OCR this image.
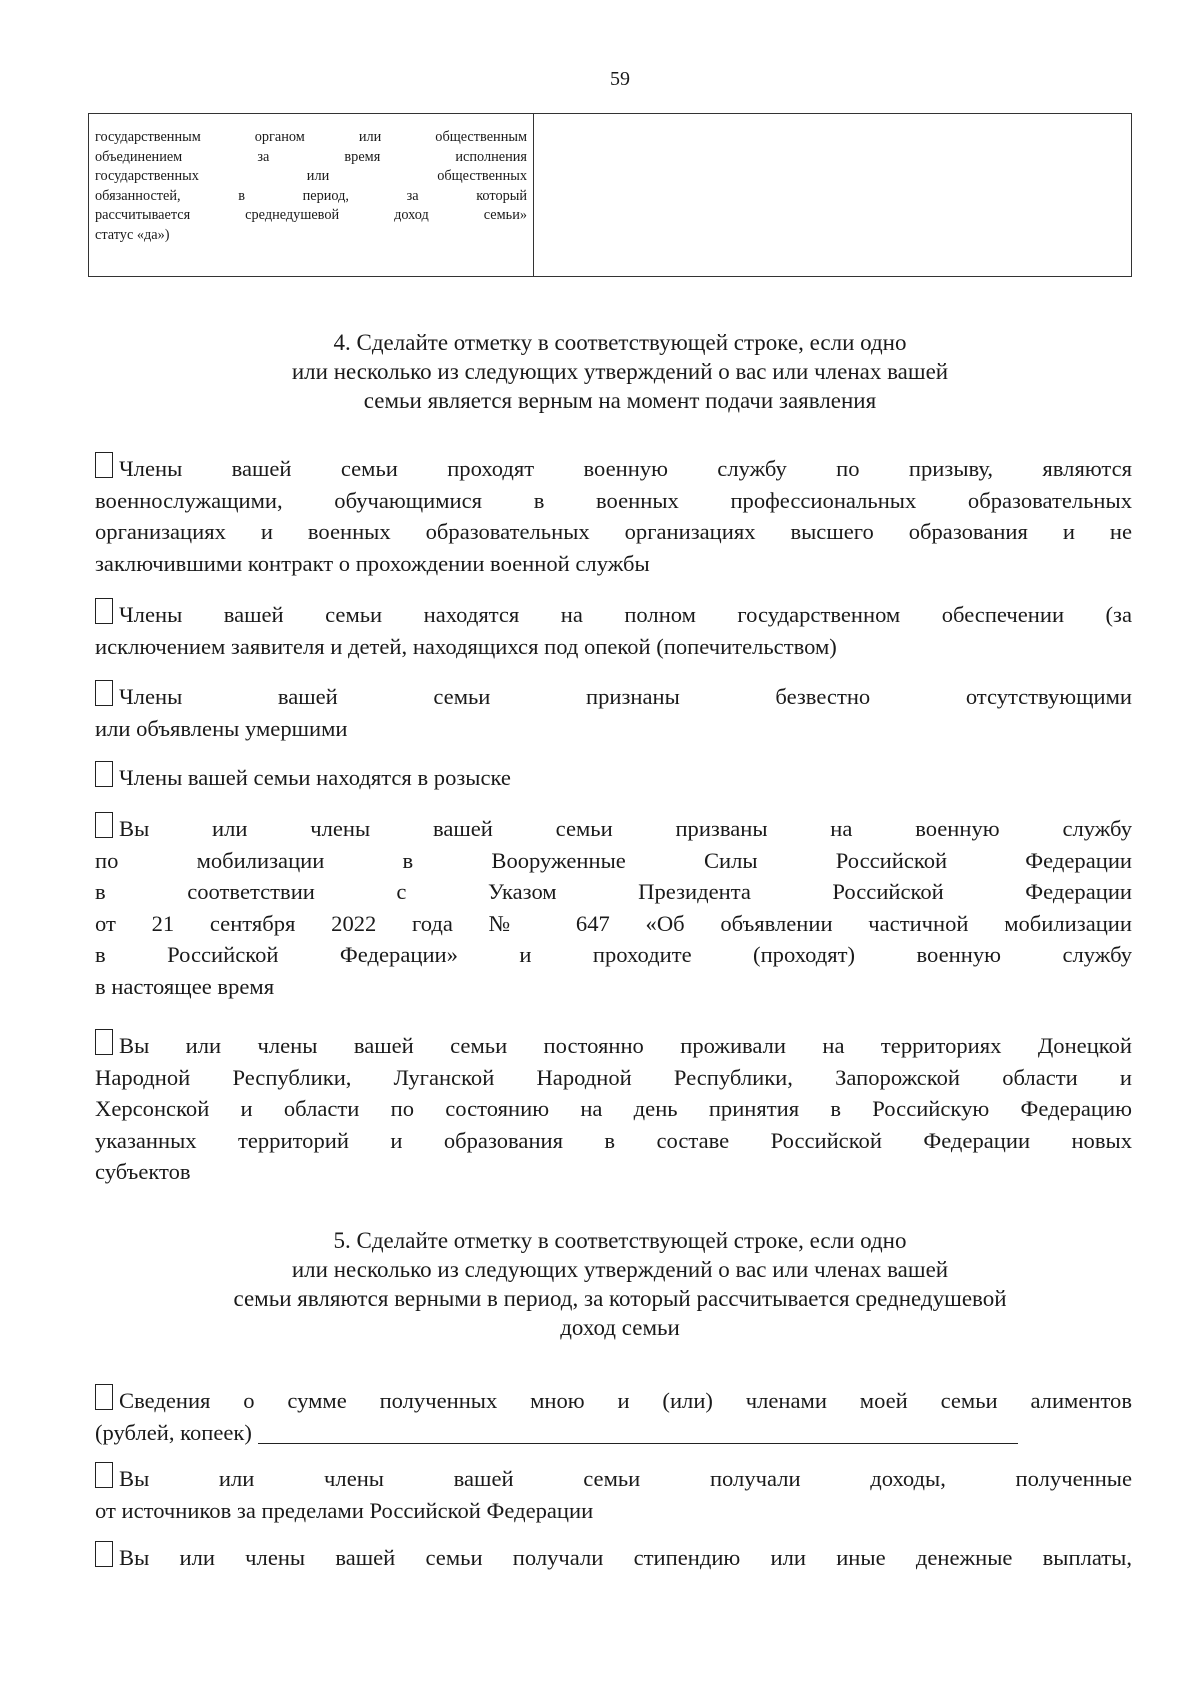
59
государственным органом или общественным
объединением за время исполнения
государственных или общественных
обязанностей, в период, за который
рассчитывается среднедушевой доход семьи»
статус «да»)

4. Сделайте отметку в соответствующей строке, если одно
или несколько из следующих утверждений о вас или членах вашей
семьи является верным на момент подачи заявления
Члены вашей семьи проходят военную службу по призыву, являются
военнослужащими, обучающимися в военных профессиональных образовательных
организациях и военных образовательных организациях высшего образования и не
заключившими контракт о прохождении военной службы
Члены вашей семьи находятся на полном государственном обеспечении (за
исключением заявителя и детей, находящихся под опекой (попечительством)
Члены вашей семьи признаны безвестно отсутствующими
или объявлены умершими
Члены вашей семьи находятся в розыске
Вы или члены вашей семьи призваны на военную службу
по мобилизации в Вооруженные Силы Российской Федерации
в соответствии с Указом Президента Российской Федерации
от 21 сентября 2022 года № 647 «Об объявлении частичной мобилизации
в Российской Федерации» и проходите (проходят) военную службу
в настоящее время
Вы или члены вашей семьи постоянно проживали на территориях Донецкой
Народной Республики, Луганской Народной Республики, Запорожской области и
Херсонской и области по состоянию на день принятия в Российскую Федерацию
указанных территорий и образования в составе Российской Федерации новых
субъектов
5. Сделайте отметку в соответствующей строке, если одно
или несколько из следующих утверждений о вас или членах вашей
семьи являются верными в период, за который рассчитывается среднедушевой
доход семьи
Сведения о сумме полученных мною и (или) членами моей семьи алиментов
(рублей, копеек)
Вы или члены вашей семьи получали доходы, полученные
от источников за пределами Российской Федерации
Вы или члены вашей семьи получали стипендию или иные денежные выплаты,
